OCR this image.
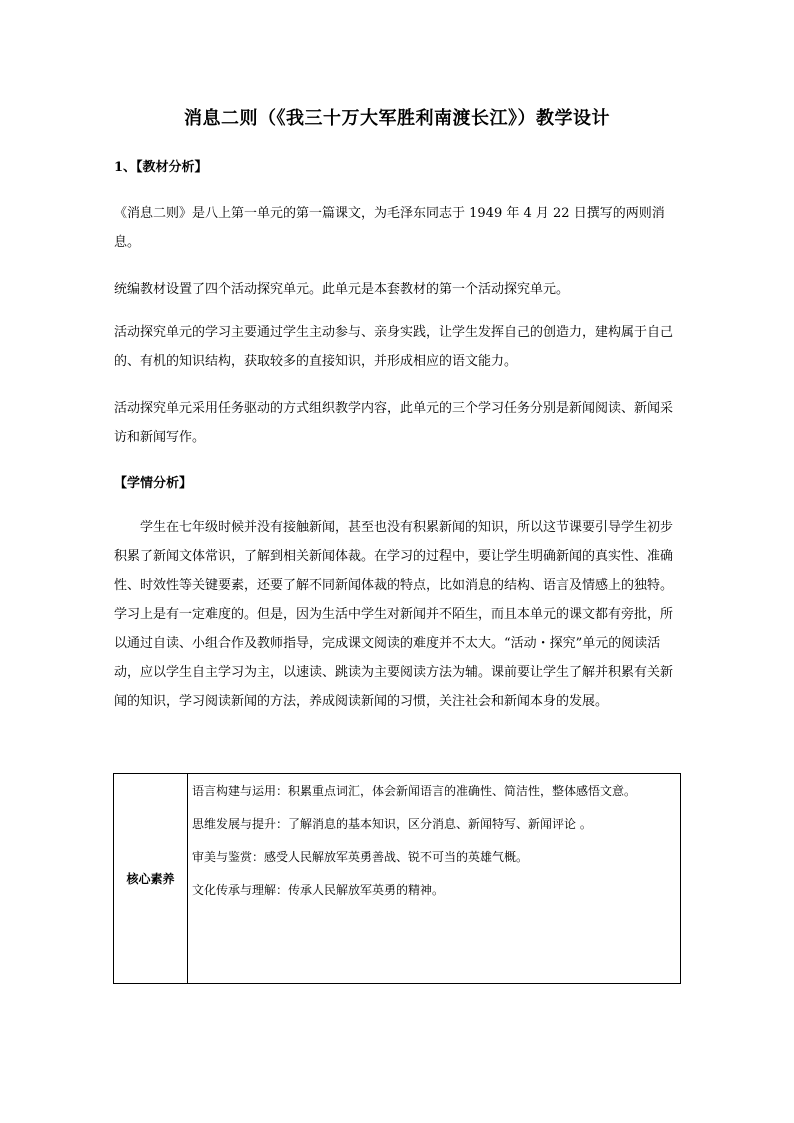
消息二则（《我三十万大军胜利南渡长江》）教学设计
1、【教材分析】

《消息二则》是八上第一单元的第一篇课文，为毛泽东同志于 1949 年 4 月 22 日撰写的两则消息。

统编教材设置了四个活动探究单元。此单元是本套教材的第一个活动探究单元。

活动探究单元的学习主要通过学生主动参与、亲身实践，让学生发挥自己的创造力，建构属于自己的、有机的知识结构，获取较多的直接知识，并形成相应的语文能力。

活动探究单元采用任务驱动的方式组织教学内容，此单元的三个学习任务分别是新闻阅读、新闻采访和新闻写作。

【学情分析】

学生在七年级时候并没有接触新闻，甚至也没有积累新闻的知识，所以这节课要引导学生初步积累了新闻文体常识，了解到相关新闻体裁。在学习的过程中，要让学生明确新闻的真实性、准确性、时效性等关键要素，还要了解不同新闻体裁的特点，比如消息的结构、语言及情感上的独特。学习上是有一定难度的。但是，因为生活中学生对新闻并不陌生，而且本单元的课文都有旁批，所以通过自读、小组合作及教师指导，完成课文阅读的难度并不太大。“活动・探究”单元的阅读活动，应以学生自主学习为主，以速读、跳读为主要阅读方法为辅。课前要让学生了解并积累有关新闻的知识，学习阅读新闻的方法，养成阅读新闻的习惯，关注社会和新闻本身的发展。

核心素养

语言构建与运用：积累重点词汇，体会新闻语言的准确性、简洁性，整体感悟文意。

思维发展与提升：了解消息的基本知识，区分消息、新闻特写、新闻评论 。

审美与鉴赏：感受人民解放军英勇善战、锐不可当的英雄气概。

文化传承与理解：传承人民解放军英勇的精神。
